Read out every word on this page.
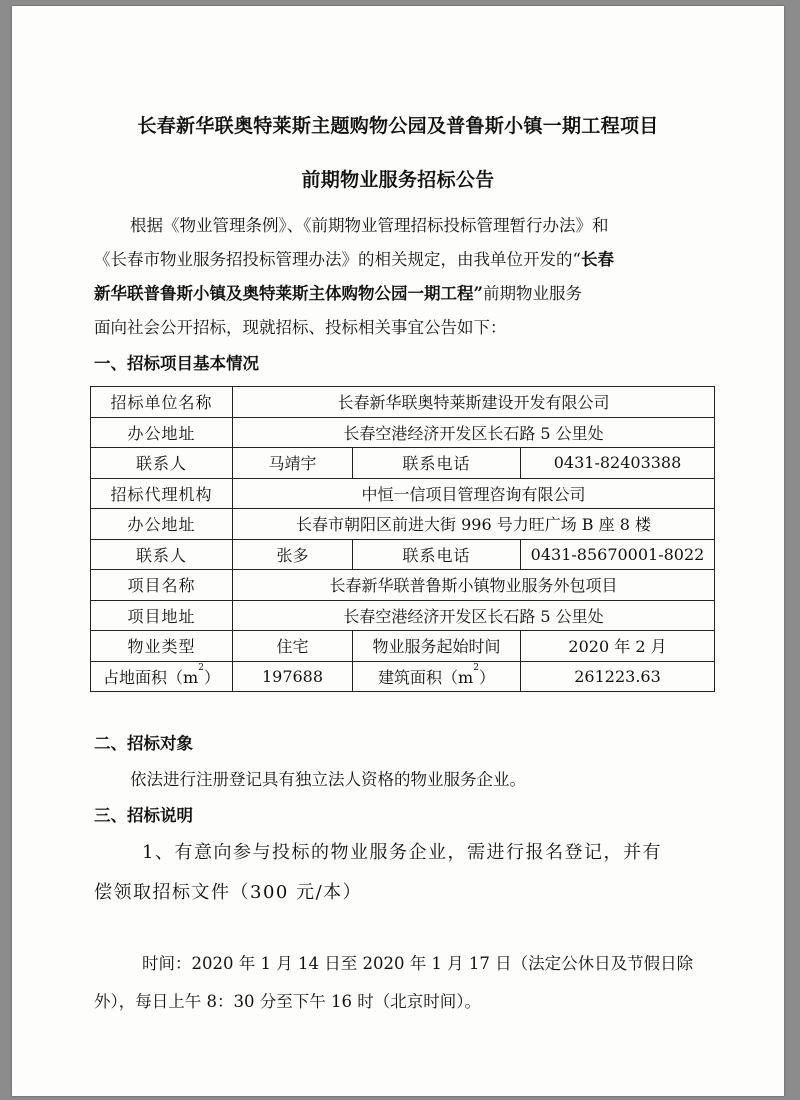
长春新华联奥特莱斯主题购物公园及普鲁斯小镇一期工程项目
前期物业服务招标公告
根据《物业管理条例》、《前期物业管理招标投标管理暂行办法》和
《长春市物业服务招投标管理办法》的相关规定，由我单位开发的“长春
新华联普鲁斯小镇及奥特莱斯主体购物公园一期工程”前期物业服务
面向社会公开招标，现就招标、投标相关事宜公告如下：
一、招标项目基本情况
招标单位名称	长春新华联奥特莱斯建设开发有限公司		
办公地址	长春空港经济开发区长石路 5 公里处		
联系人	马靖宇	联系电话	0431-82403388
招标代理机构	中恒一信项目管理咨询有限公司		
办公地址	长春市朝阳区前进大街 996 号力旺广场 B 座 8 楼		
联系人	张多	联系电话	0431-85670001-8022
项目名称	长春新华联普鲁斯小镇物业服务外包项目		
项目地址	长春空港经济开发区长石路 5 公里处		
物业类型	住宅	物业服务起始时间	2020 年 2 月
占地面积$(m^2)$	197688	建筑面积$(m^2)$	261223.63
二、招标对象
依法进行注册登记具有独立法人资格的物业服务企业。
三、招标说明
1、有意向参与投标的物业服务企业，需进行报名登记，并有
偿领取招标文件（300 元/本）
时间：2020 年 1 月 14 日至 2020 年 1 月 17 日（法定公休日及节假日除
外），每日上午 8：30 分至下午 16 时（北京时间）。
